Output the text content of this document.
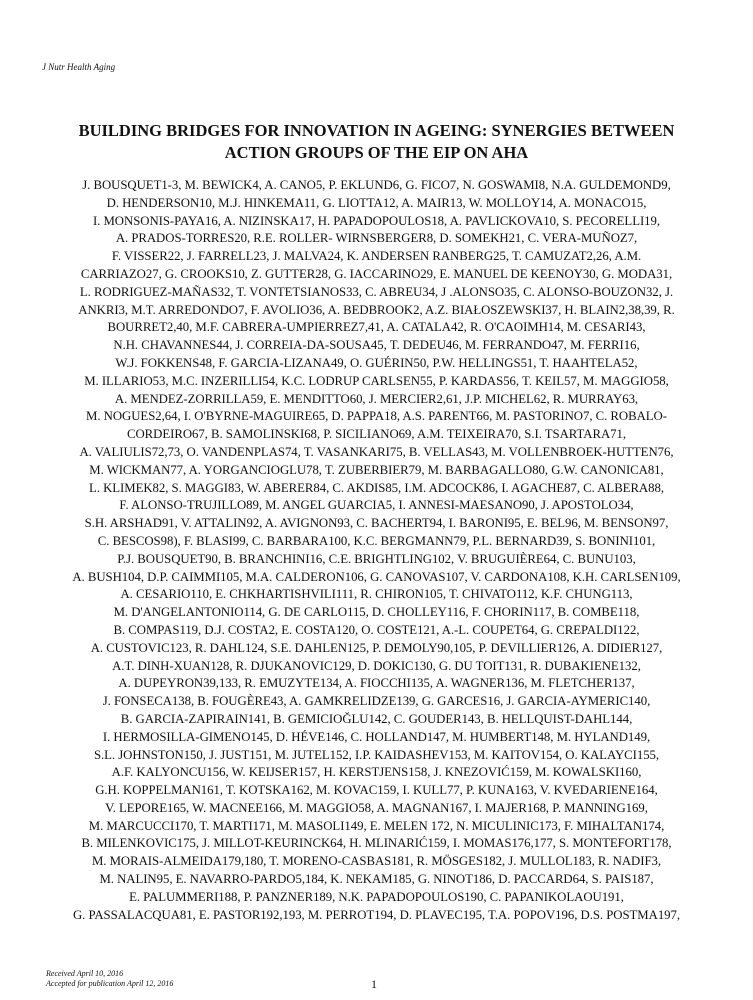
J Nutr Health Aging
BUILDING BRIDGES FOR INNOVATION IN AGEING: SYNERGIES BETWEEN
ACTION GROUPS OF THE EIP ON AHA
J. BOUSQUET1-3, M. BEWICK4, A. CANO5, P. EKLUND6, G. FICO7, N. GOSWAMI8, N.A. GULDEMOND9,
D. HENDERSON10, M.J. HINKEMA11, G. LIOTTA12, A. MAIR13, W. MOLLOY14, A. MONACO15,
I. MONSONIS-PAYA16, A. NIZINSKA17, H. PAPADOPOULOS18, A. PAVLICKOVA10, S. PECORELLI19,
A. PRADOS-TORRES20, R.E. ROLLER- WIRNSBERGER8, D. SOMEKH21, C. VERA-MUÑOZ7,
F. VISSER22, J. FARRELL23, J. MALVA24, K. ANDERSEN RANBERG25, T. CAMUZAT2,26, A.M.
CARRIAZO27, G. CROOKS10, Z. GUTTER28, G. IACCARINO29, E. MANUEL DE KEENOY30, G. MODA31,
L. RODRIGUEZ-MAÑAS32, T. VONTETSIANOS33, C. ABREU34, J .ALONSO35, C. ALONSO-BOUZON32, J.
ANKRI3, M.T. ARREDONDO7, F. AVOLIO36, A. BEDBROOK2, A.Z. BIAŁOSZEWSKI37, H. BLAIN2,38,39, R.
BOURRET2,40, M.F. CABRERA-UMPIERREZ7,41, A. CATALA42, R. O'CAOIMH14, M. CESARI43,
N.H. CHAVANNES44, J. CORREIA-DA-SOUSA45, T. DEDEU46, M. FERRANDO47, M. FERRI16,
W.J. FOKKENS48, F. GARCIA-LIZANA49, O. GUÉRIN50, P.W. HELLINGS51, T. HAAHTELA52,
M. ILLARIO53, M.C. INZERILLI54, K.C. LODRUP CARLSEN55, P. KARDAS56, T. KEIL57, M. MAGGIO58,
A. MENDEZ-ZORRILLA59, E. MENDITTO60, J. MERCIER2,61, J.P. MICHEL62, R. MURRAY63,
M. NOGUES2,64, I. O'BYRNE-MAGUIRE65, D. PAPPA18, A.S. PARENT66, M. PASTORINO7, C. ROBALO-
CORDEIRO67, B. SAMOLINSKI68, P. SICILIANO69, A.M. TEIXEIRA70, S.I. TSARTARA71,
A. VALIULIS72,73, O. VANDENPLAS74, T. VASANKARI75, B. VELLAS43, M. VOLLENBROEK-HUTTEN76,
M. WICKMAN77, A. YORGANCIOGLU78, T. ZUBERBIER79, M. BARBAGALLO80, G.W. CANONICA81,
L. KLIMEK82, S. MAGGI83, W. ABERER84, C. AKDIS85, I.M. ADCOCK86, I. AGACHE87, C. ALBERA88,
F. ALONSO-TRUJILLO89, M. ANGEL GUARCIA5, I. ANNESI-MAESANO90, J. APOSTOLO34,
S.H. ARSHAD91, V. ATTALIN92, A. AVIGNON93, C. BACHERT94, I. BARONI95, E. BEL96, M. BENSON97,
C. BESCOS98), F. BLASI99, C. BARBARA100, K.C. BERGMANN79, P.L. BERNARD39, S. BONINI101,
P.J. BOUSQUET90, B. BRANCHINI16, C.E. BRIGHTLING102, V. BRUGUIÈRE64, C. BUNU103,
A. BUSH104, D.P. CAIMMI105, M.A. CALDERON106, G. CANOVAS107, V. CARDONA108, K.H. CARLSEN109,
A. CESARIO110, E. CHKHARTISHVILI111, R. CHIRON105, T. CHIVATO112, K.F. CHUNG113,
M. D'ANGELANTONIO114, G. DE CARLO115, D. CHOLLEY116, F. CHORIN117, B. COMBE118,
B. COMPAS119, D.J. COSTA2, E. COSTA120, O. COSTE121, A.-L. COUPET64, G. CREPALDI122,
A. CUSTOVIC123, R. DAHL124, S.E. DAHLEN125, P. DEMOLY90,105, P. DEVILLIER126, A. DIDIER127,
A.T. DINH-XUAN128, R. DJUKANOVIC129, D. DOKIC130, G. DU TOIT131, R. DUBAKIENE132,
A. DUPEYRON39,133, R. EMUZYTE134, A. FIOCCHI135, A. WAGNER136, M. FLETCHER137,
J. FONSECA138, B. FOUGÈRE43, A. GAMKRELIDZE139, G. GARCES16, J. GARCIA-AYMERIC140,
B. GARCIA-ZAPIRAIN141, B. GEMICIOĞLU142, C. GOUDER143, B. HELLQUIST-DAHL144,
I. HERMOSILLA-GIMENO145, D. HÉVE146, C. HOLLAND147, M. HUMBERT148, M. HYLAND149,
S.L. JOHNSTON150, J. JUST151, M. JUTEL152, I.P. KAIDASHEV153, M. KAITOV154, O. KALAYCI155,
A.F. KALYONCU156, W. KEIJSER157, H. KERSTJENS158, J. KNEZOVIĆ159, M. KOWALSKI160,
G.H. KOPPELMAN161, T. KOTSKA162, M. KOVAC159, I. KULL77, P. KUNA163, V. KVEDARIENE164,
V. LEPORE165, W. MACNEE166, M. MAGGIO58, A. MAGNAN167, I. MAJER168, P. MANNING169,
M. MARCUCCI170, T. MARTI171, M. MASOLI149, E. MELEN 172, N. MICULINIC173, F. MIHALTAN174,
B. MILENKOVIC175, J. MILLOT-KEURINCK64, H. MLINARIĆ159, I. MOMAS176,177, S. MONTEFORT178,
M. MORAIS-ALMEIDA179,180, T. MORENO-CASBAS181, R. MÖSGES182, J. MULLOL183, R. NADIF3,
M. NALIN95, E. NAVARRO-PARDO5,184, K. NEKAM185, G. NINOT186, D. PACCARD64, S. PAIS187,
E. PALUMMERI188, P. PANZNER189, N.K. PAPADOPOULOS190, C. PAPANIKOLAOU191,
G. PASSALACQUA81, E. PASTOR192,193, M. PERROT194, D. PLAVEC195, T.A. POPOV196, D.S. POSTMA197,
Received April 10, 2016
Accepted for publication April 12, 2016	1
